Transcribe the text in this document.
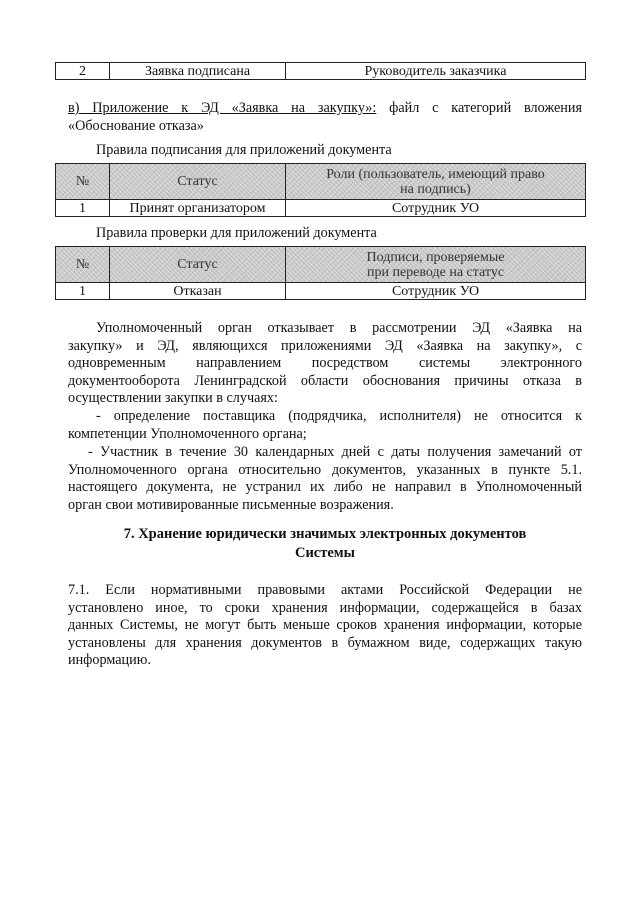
2	Заявка подписана	Руководитель заказчика
в) Приложение к ЭД «Заявка на закупку»: файл с категорий вложения
«Обоснование отказа»
Правила подписания для приложений документа
№	Статус	Роли (пользователь, имеющий право
на подпись)

1	Принят организатором	Сотрудник УО
Правила проверки для приложений документа
№	Статус	Подписи, проверяемые
при переводе на статус

1	Отказан	Сотрудник УО
Уполномоченный орган отказывает в рассмотрении ЭД «Заявка на
закупку» и ЭД, являющихся приложениями ЭД «Заявка на закупку», с
одновременным направлением посредством системы электронного
документооборота Ленинградской области обоснования причины отказа в
осуществлении закупки в случаях:
- определение поставщика (подрядчика, исполнителя) не относится к
компетенции Уполномоченного органа;
- Участник в течение 30 календарных дней с даты получения замечаний от
Уполномоченного органа относительно документов, указанных в пункте 5.1.
настоящего документа, не устранил их либо не направил в Уполномоченный
орган свои мотивированные письменные возражения.
7. Хранение юридически значимых электронных документов
Системы
7.1. Если нормативными правовыми актами Российской Федерации не
установлено иное, то сроки хранения информации, содержащейся в базах
данных Системы, не могут быть меньше сроков хранения информации, которые
установлены для хранения документов в бумажном виде, содержащих такую
информацию.
